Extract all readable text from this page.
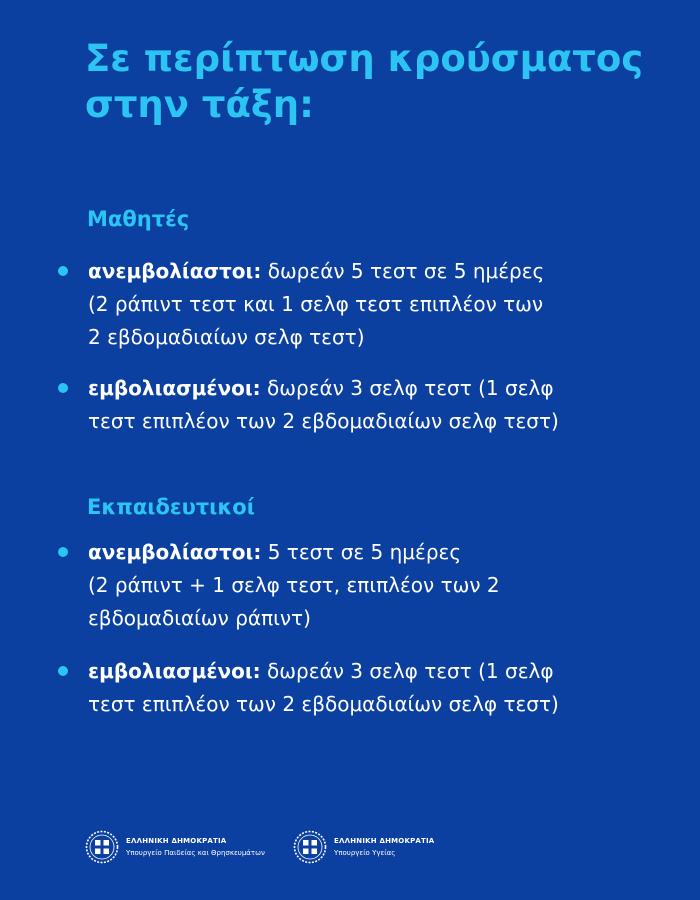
Σε περίπτωση κρούσματος
στην τάξη:
Μαθητές
ανεμβολίαστοι: δωρεάν 5 τεστ σε 5 ημέρες
(2 ράπιντ τεστ και 1 σελφ τεστ επιπλέον των
2 εβδομαδιαίων σελφ τεστ)
εμβολιασμένοι: δωρεάν 3 σελφ τεστ (1 σελφ
τεστ επιπλέον των 2 εβδομαδιαίων σελφ τεστ)
Εκπαιδευτικοί
ανεμβολίαστοι: 5 τεστ σε 5 ημέρες
(2 ράπιντ + 1 σελφ τεστ, επιπλέον των 2
εβδομαδιαίων ράπιντ)
εμβολιασμένοι: δωρεάν 3 σελφ τεστ (1 σελφ
τεστ επιπλέον των 2 εβδομαδιαίων σελφ τεστ)
ΕΛΛΗΝΙΚΗ ΔΗΜΟΚΡΑΤΙΑ
Υπουργείο Παιδείας και Θρησκευμάτων
ΕΛΛΗΝΙΚΗ ΔΗΜΟΚΡΑΤΙΑ
Υπουργείο Υγείας
